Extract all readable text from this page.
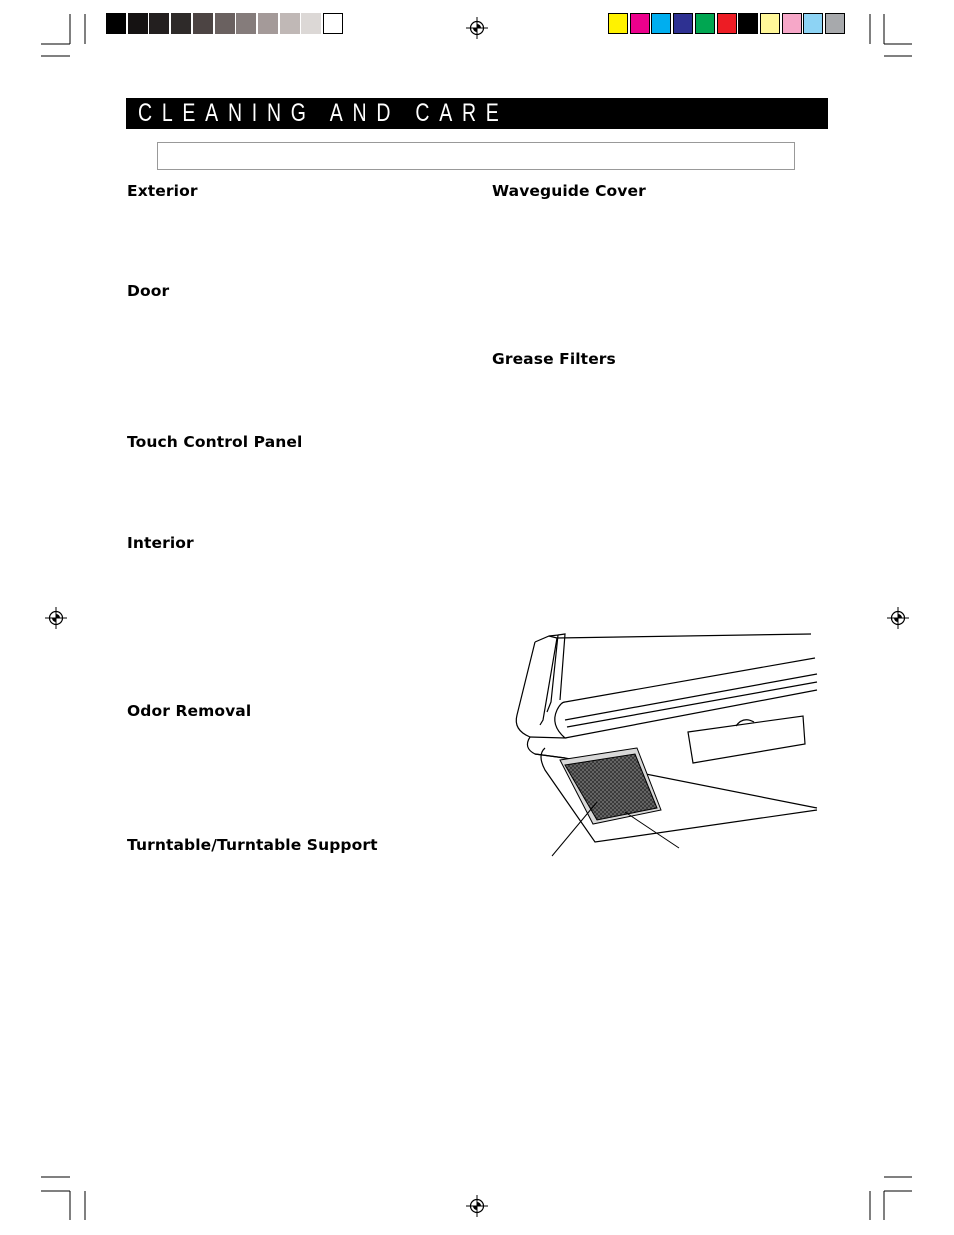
CLEANING AND CARE
Exterior
Door
Touch Control Panel
Interior
Odor Removal
Turntable/Turntable Support
Waveguide Cover
Grease Filters
